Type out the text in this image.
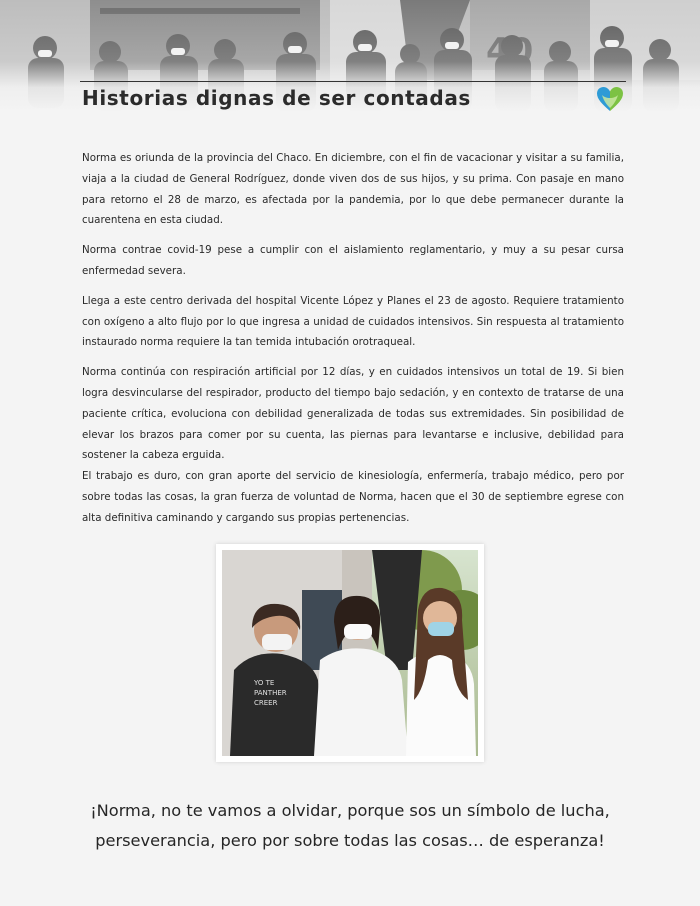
Historias dignas de ser contadas

Norma es oriunda de la provincia del Chaco. En diciembre, con el fin de vacacionar y visitar a su familia, viaja a la ciudad de General Rodríguez, donde viven dos de sus hijos, y su prima. Con pasaje en mano para retorno el 28 de marzo, es afectada por la pandemia, por lo que debe permanecer durante la cuarentena en esta ciudad.

Norma contrae covid-19 pese a cumplir con el aislamiento reglamentario, y muy a su pesar cursa enfermedad severa.

Llega a este centro derivada del hospital Vicente López y Planes el 23 de agosto. Requiere tratamiento con oxígeno a alto flujo por lo que ingresa a unidad de cuidados intensivos. Sin respuesta al tratamiento instaurado norma requiere la tan temida intubación orotraqueal.

Norma continúa con respiración artificial por 12 días, y en cuidados intensivos un total de 19. Si bien logra desvincularse del respirador, producto del tiempo bajo sedación, y en contexto de tratarse de una paciente crítica, evoluciona con debilidad generalizada de todas sus extremidades. Sin posibilidad de elevar los brazos para comer por su cuenta, las piernas para levantarse e inclusive, debilidad para sostener la cabeza erguida.

El trabajo es duro, con gran aporte del servicio de kinesiología, enfermería, trabajo médico, pero por sobre todas las cosas, la gran fuerza de voluntad de Norma, hacen que el 30 de septiembre egrese con alta definitiva caminando y cargando sus propias pertenencias.

YO TE
PANTHER
CREER
¡Norma, no te vamos a olvidar, porque sos un símbolo de lucha,
perseverancia, pero por sobre todas las cosas… de esperanza!
